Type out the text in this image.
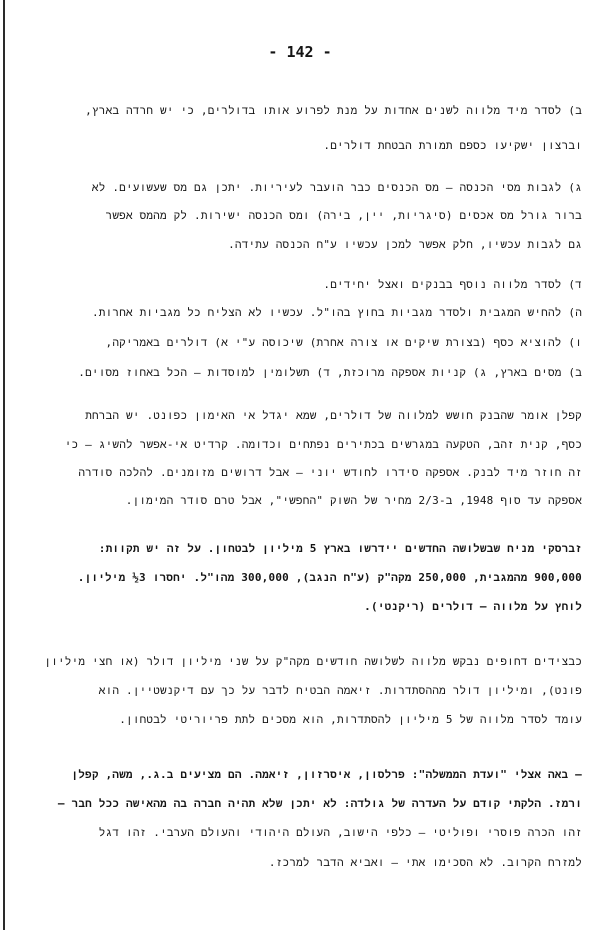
- 142 -
ב) לסדר מיד מלווה לשנים אחדות על מנת לפרוע אותו בדולרים, כי יש חרדה בארץ,
וברצון ישקיעו כספם תמורת הבטחת דולרים.
ג) לגבות מסי הכנסה – מס הכנסים כבר הועבר לעיריות. יתכן גם מס שעשועים. לא
ברור גורל מס אכסים (סיגריות, יין, בירה) ומס הכנסה ישירות. לק מהמס אפשר
גם לגבות עכשיו, חלק אפשר למכן עכשיו ע"ח הכנסה עתידה.
ד) לסדר מלווה נוסף בבנקים ואצל יחידים.
ה) להחיש המגבית ולסדר מגביות בחוץ בהו"ל. עכשיו לא הצליח כל מגביות אחרות.
ו) להוציא כסף (בצורת שיקים או צורה אחרת) שיכוסה ע"י א) דולרים באמריקה,
ב) מסים בארץ, ג) קניות אספקה מרוכזת, ד) תשלומין למוסדות – הכל באחוז מסוים.
קפלן אומר שהבנק חושש למלווה של דולרים, שמא יגדל אי האימון כפונט. יש הברחת
כסף, קנית זהב, הטקעה במגרשים בכתירים נפתחים וכדומה. קרדיט אי-אפשר להשיג – כי
זה חוזר מיד לבנק. אספקה סידרו לחודש יוני – אבל דרושים מזומנים. להלכה סודרה
אספקה עד סוף 1948, ב-2/3 מחיר של השוק "החפשי", אבל טרם סודר המימון.
זברסקי מניח שבשלושה החדשים יידרשו בארץ 5 מיליון לבטחון. על זה יש תקוות:
900,000 מהמגבית, 250,000 מקה"ק (ע"ח הנגב), 300,000 מהו"ל. יחסרו 3½ מיליון.
לוחץ על מלווה – דולרים (ריקנטי).
כבצידים דחופים נבקש מלווה לשלושה חודשים מקה"ק על שני מיליון דולר (או חצי מיליון
פונט), ומיליון דולר מההסתדרות. זיאמה הבטיח לדבר על כך עם דיקנשטיין. הוא
עומד לסדר מלווה של 5 מיליון להסתדרות, הוא מסכים לתת פריוריטי לבטחון.
– באה אצלי "ועדת הממשלה": פרלסון, איסרזון, זיאמה. הם מציעים ב.ג., משה, קפלן
ורמז. הלקתי קודם על העדרה של גולדה: לא יתכן שלא תהיה חברה בה מהאישה ככל חבר –
זהו הכרה פוסרי ופוליטי – כלפי הישוב, העולם היהודי והעולם הערבי. זהו דגל
למזרח הקרוב. לא הסכימו אתי – ואביא הדבר למרכז.
